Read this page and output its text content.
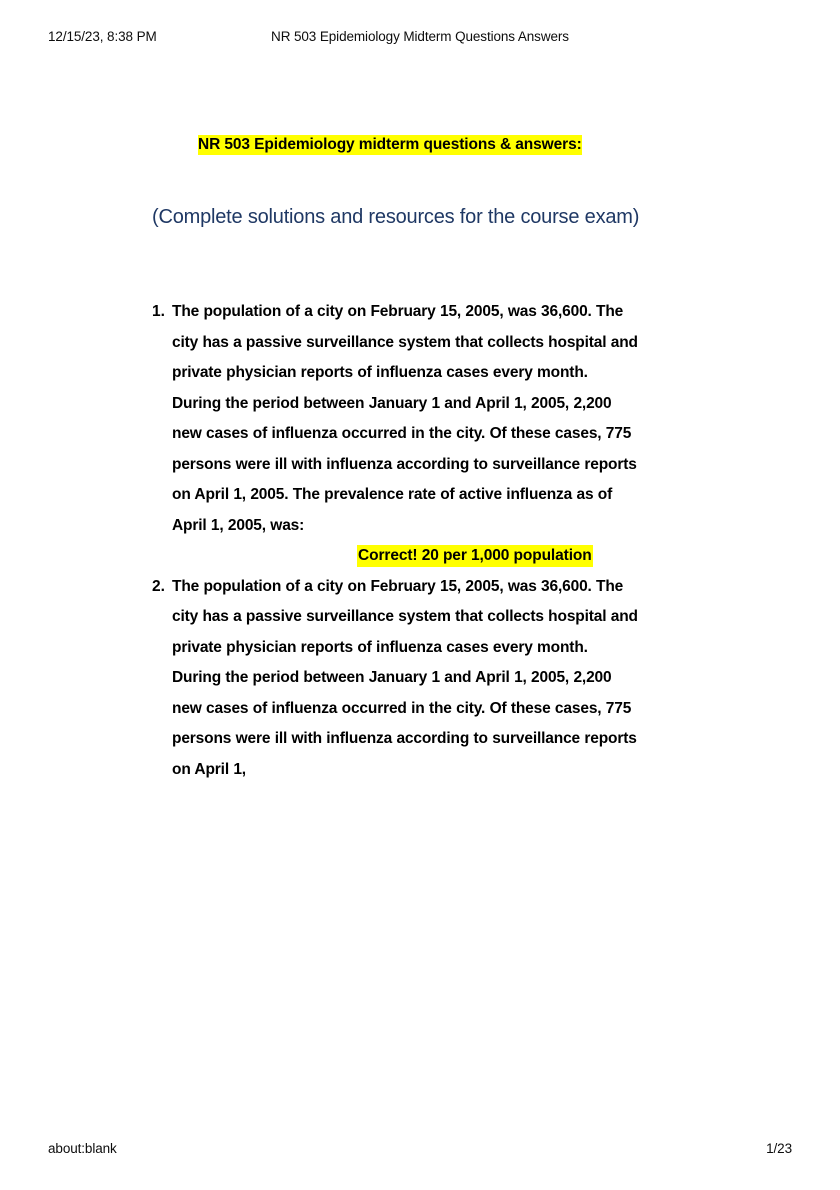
12/15/23, 8:38 PM	NR 503 Epidemiology Midterm Questions Answers
NR 503 Epidemiology midterm questions & answers:
(Complete solutions and resources for the course exam)
1. The population of a city on February 15, 2005, was 36,600. The city has a passive surveillance system that collects hospital and private physician reports of influenza cases every month. During the period between January 1 and April 1, 2005, 2,200 new cases of influenza occurred in the city. Of these cases, 775 persons were ill with influenza according to surveillance reports on April 1, 2005. The prevalence rate of active influenza as of April 1, 2005, was:
Correct! 20 per 1,000 population
2. The population of a city on February 15, 2005, was 36,600. The city has a passive surveillance system that collects hospital and private physician reports of influenza cases every month. During the period between January 1 and April 1, 2005, 2,200 new cases of influenza occurred in the city. Of these cases, 775 persons were ill with influenza according to surveillance reports on April 1,
about:blank	1/23
